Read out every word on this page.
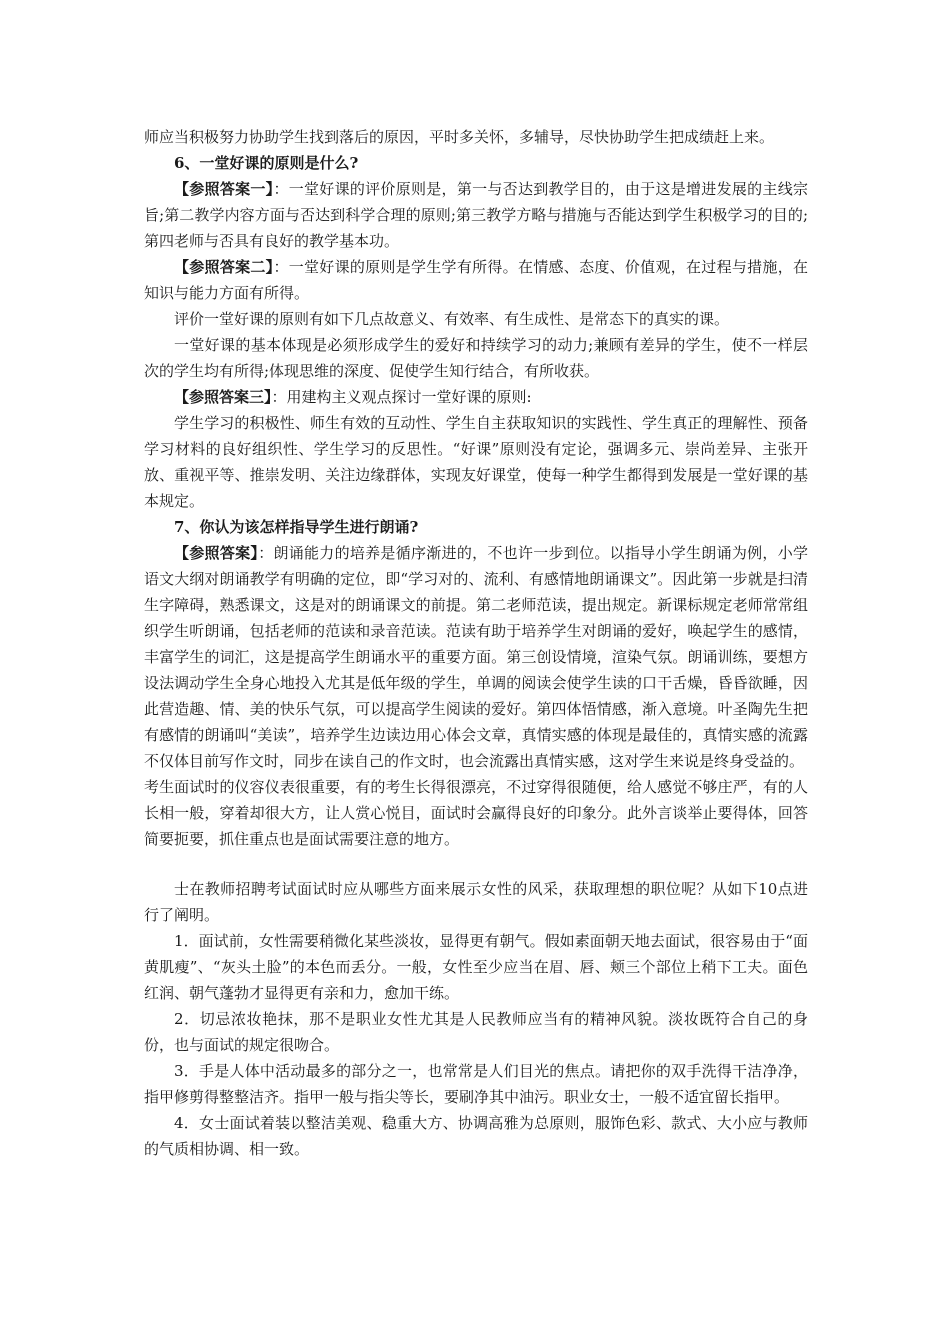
师应当积极努力协助学生找到落后的原因，平时多关怀，多辅导，尽快协助学生把成绩赶上来。

6、一堂好课的原则是什么?

【参照答案一】：一堂好课的评价原则是，第一与否达到教学目的，由于这是增进发展的主线宗旨;第二教学内容方面与否达到科学合理的原则;第三教学方略与措施与否能达到学生积极学习的目的;第四老师与否具有良好的教学基本功。

【参照答案二】：一堂好课的原则是学生学有所得。在情感、态度、价值观，在过程与措施，在知识与能力方面有所得。

评价一堂好课的原则有如下几点故意义、有效率、有生成性、是常态下的真实的课。

一堂好课的基本体现是必须形成学生的爱好和持续学习的动力;兼顾有差异的学生，使不一样层次的学生均有所得;体现思维的深度、促使学生知行结合，有所收获。

【参照答案三】：用建构主义观点探讨一堂好课的原则:

学生学习的积极性、师生有效的互动性、学生自主获取知识的实践性、学生真正的理解性、预备学习材料的良好组织性、学生学习的反思性。“好课”原则没有定论，强调多元、崇尚差异、主张开放、重视平等、推崇发明、关注边缘群体，实现友好课堂，使每一种学生都得到发展是一堂好课的基本规定。

7、你认为该怎样指导学生进行朗诵?

【参照答案】：朗诵能力的培养是循序渐进的，不也许一步到位。以指导小学生朗诵为例，小学语文大纲对朗诵教学有明确的定位，即“学习对的、流利、有感情地朗诵课文”。因此第一步就是扫清生字障碍，熟悉课文，这是对的朗诵课文的前提。第二老师范读，提出规定。新课标规定老师常常组织学生听朗诵，包括老师的范读和录音范读。范读有助于培养学生对朗诵的爱好，唤起学生的感情，丰富学生的词汇，这是提高学生朗诵水平的重要方面。第三创设情境，渲染气氛。朗诵训练，要想方设法调动学生全身心地投入尤其是低年级的学生，单调的阅读会使学生读的口干舌燥，昏昏欲睡，因此营造趣、情、美的快乐气氛，可以提高学生阅读的爱好。第四体悟情感，渐入意境。叶圣陶先生把有感情的朗诵叫“美读”，培养学生边读边用心体会文章，真情实感的体现是最佳的，真情实感的流露不仅体目前写作文时，同步在读自己的作文时，也会流露出真情实感，这对学生来说是终身受益的。

考生面试时的仪容仪表很重要，有的考生长得很漂亮，不过穿得很随便，给人感觉不够庄严，有的人长相一般，穿着却很大方，让人赏心悦目，面试时会赢得良好的印象分。此外言谈举止要得体，回答简要扼要，抓住重点也是面试需要注意的地方。

士在教师招聘考试面试时应从哪些方面来展示女性的风采，获取理想的职位呢？从如下10点进行了阐明。

1．面试前，女性需要稍微化某些淡妆，显得更有朝气。假如素面朝天地去面试，很容易由于“面黄肌瘦”、“灰头土脸”的本色而丢分。一般，女性至少应当在眉、唇、颊三个部位上稍下工夫。面色红润、朝气蓬勃才显得更有亲和力，愈加干练。

2．切忌浓妆艳抹，那不是职业女性尤其是人民教师应当有的精神风貌。淡妆既符合自己的身份，也与面试的规定很吻合。

3．手是人体中活动最多的部分之一，也常常是人们目光的焦点。请把你的双手洗得干洁净净，指甲修剪得整整洁齐。指甲一般与指尖等长，要刷净其中油污。职业女士，一般不适宜留长指甲。

4．女士面试着装以整洁美观、稳重大方、协调高雅为总原则，服饰色彩、款式、大小应与教师的气质相协调、相一致。
